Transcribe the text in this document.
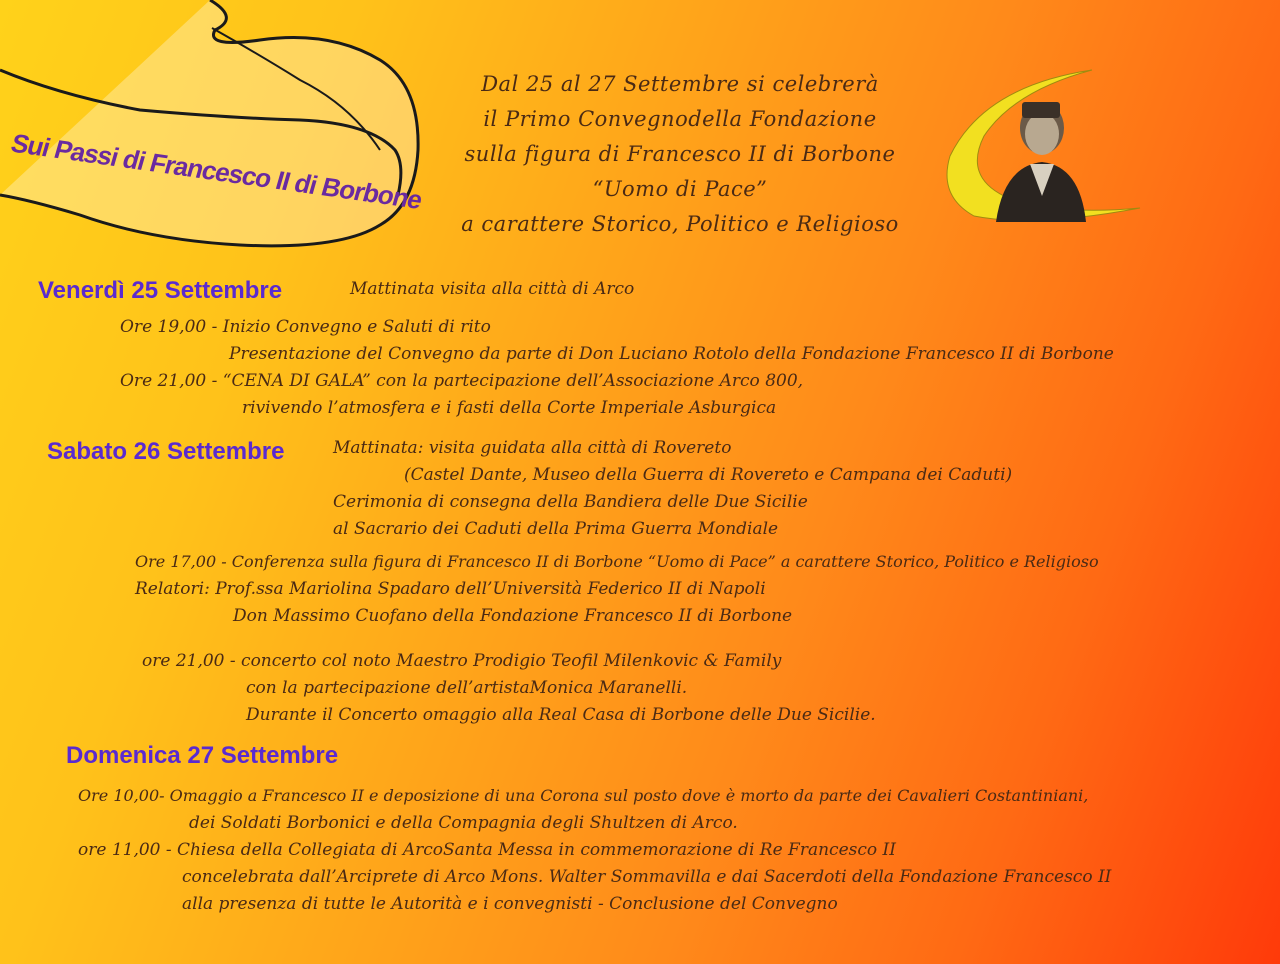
Sui Passi di Francesco II di Borbone
Dal 25 al 27 Settembre si celebrerà
il Primo Convegnodella Fondazione
sulla figura di Francesco II di Borbone
“Uomo di Pace”
a carattere Storico, Politico e Religioso
Venerdì 25 Settembre	Mattinata visita alla città di Arco
Ore 19,00 - Inizio Convegno e Saluti di rito
Presentazione del Convegno da parte di Don Luciano Rotolo della Fondazione Francesco II di Borbone
Ore 21,00 - “CENA DI GALA” con la partecipazione dell’Associazione Arco 800,
rivivendo l’atmosfera e i fasti della Corte Imperiale Asburgica
Sabato 26 Settembre	Mattinata: visita guidata alla città di Rovereto
(Castel Dante, Museo della Guerra di Rovereto e Campana dei Caduti)
Cerimonia di consegna della Bandiera delle Due Sicilie
al Sacrario dei Caduti della Prima Guerra Mondiale
Ore 17,00 - Conferenza sulla figura di Francesco II di Borbone “Uomo di Pace” a carattere Storico, Politico e Religioso
Relatori: Prof.ssa Mariolina Spadaro dell’Università Federico II di Napoli
Don Massimo Cuofano della Fondazione Francesco II di Borbone
ore 21,00 - concerto col noto Maestro Prodigio Teofil Milenkovic & Family
con la partecipazione dell’artistaMonica Maranelli.
Durante il Concerto omaggio alla Real Casa di Borbone delle Due Sicilie.
Domenica 27 Settembre
Ore 10,00- Omaggio a Francesco II e deposizione di una Corona sul posto dove è morto da parte dei Cavalieri Costantiniani,
dei Soldati Borbonici e della Compagnia degli Shultzen di Arco.
ore 11,00 - Chiesa della Collegiata di ArcoSanta Messa in commemorazione di Re Francesco II
concelebrata dall’Arciprete di Arco Mons. Walter Sommavilla e dai Sacerdoti della Fondazione Francesco II
alla presenza di tutte le Autorità e i convegnisti - Conclusione del Convegno
